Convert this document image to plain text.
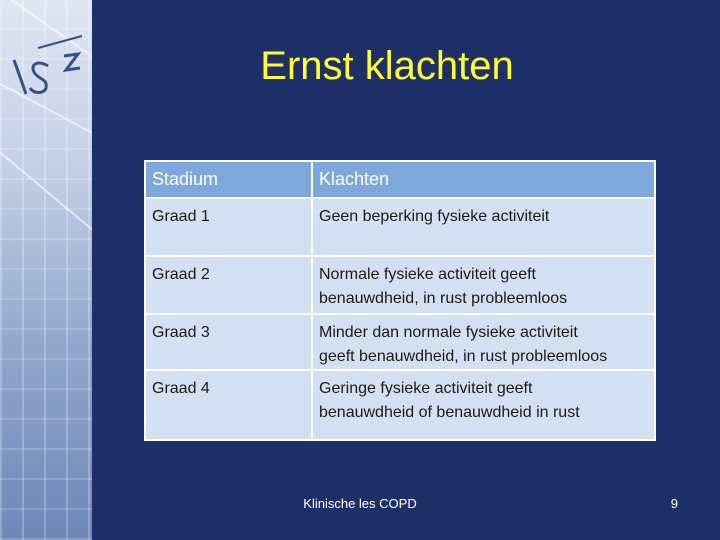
Ernst klachten
Stadium	Klachten
Graad 1	Geen beperking fysieke activiteit
Graad 2	Normale fysieke activiteit geeft
benauwdheid, in rust probleemloos

Graad 3	Minder dan normale fysieke activiteit
geeft benauwdheid, in rust probleemloos

Graad 4	Geringe fysieke activiteit geeft
benauwdheid of benauwdheid in rust
Klinische les COPD	9
